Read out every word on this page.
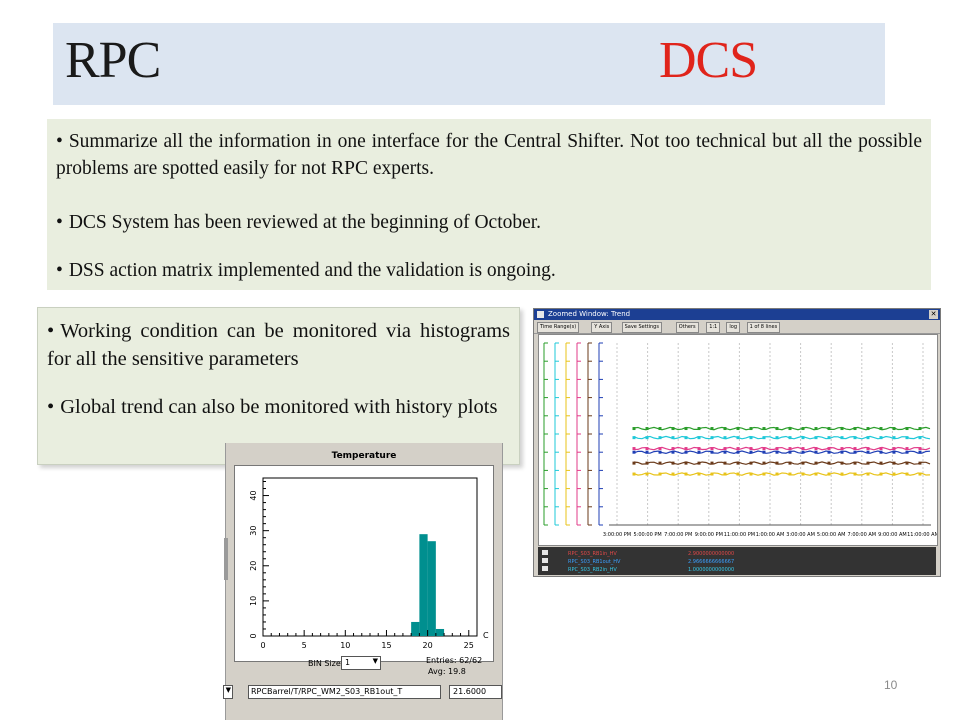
RPC	DCS
• Summarize all the information in one interface for the Central Shifter. Not too technical but all the possible problems are spotted easily for not RPC experts.
• DCS System has been reviewed at the beginning of October.
• DSS action matrix implemented and the validation is ongoing.
• Working condition can be monitored via histograms for all the sensitive parameters
• Global trend can also be monitored with history plots
Zoomed Window: Trend	✕
Time Range(s)	Y Axis	Save Settings	Others	1:1	log	1 of 8 lines
3:00:00 PM 5:00:00 PM 7:00:00 PM 9:00:00 PM 11:00:00 PM 1:00:00 AM 3:00:00 AM 5:00:00 AM 7:00:00 AM 9:00:00 AM 11:00:00 AM
RPC_S03_RB1in_HV	2.9000000000000
RPC_S03_RB1out_HV	2.9666666666667
RPC_S03_RB2in_HV	1.0000000000000
Temperature
0
10
20
30
40
0	5	10	15	20	25
C
BIN Size 1	▼	Entries: 62/62
Avg: 19.8
▼	RPCBarrel/T/RPC_WM2_S03_RB1out_T	21.6000	10
